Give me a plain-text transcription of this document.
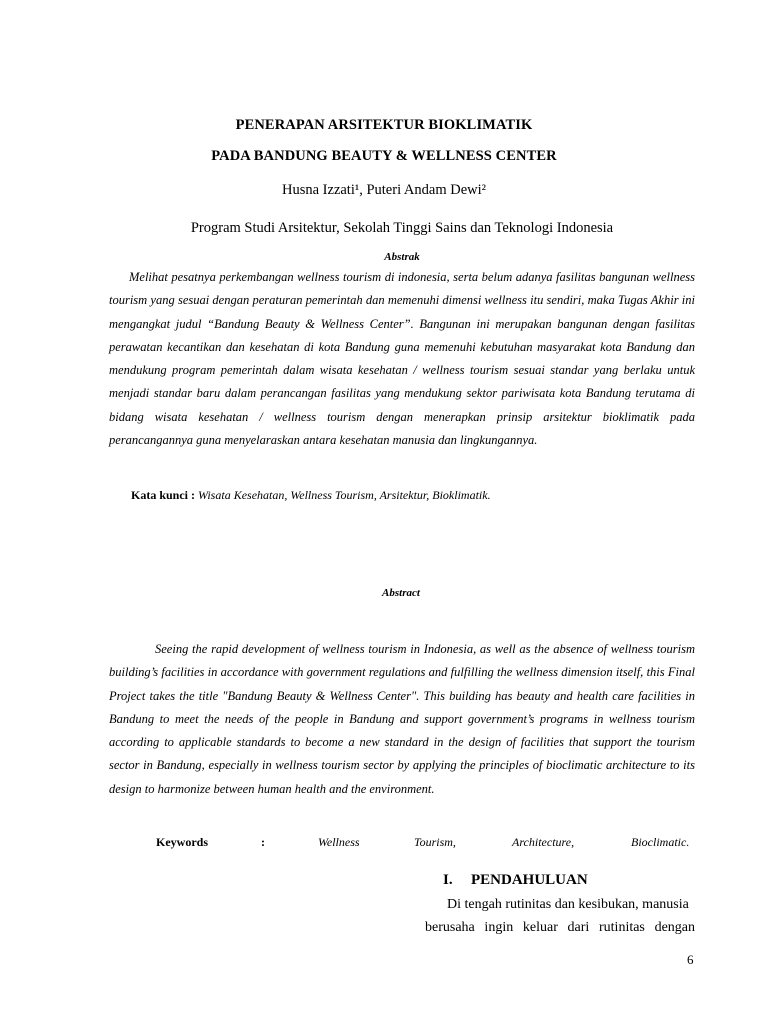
PENERAPAN ARSITEKTUR BIOKLIMATIK
PADA BANDUNG BEAUTY & WELLNESS CENTER
Husna Izzati¹, Puteri Andam Dewi²
Program Studi Arsitektur, Sekolah Tinggi Sains dan Teknologi Indonesia
Abstrak
Melihat pesatnya perkembangan wellness tourism di indonesia, serta belum adanya fasilitas bangunan wellness tourism yang sesuai dengan peraturan pemerintah dan memenuhi dimensi wellness itu sendiri, maka Tugas Akhir ini mengangkat judul “Bandung Beauty & Wellness Center”. Bangunan ini merupakan bangunan dengan fasilitas perawatan kecantikan dan kesehatan di kota Bandung guna memenuhi kebutuhan masyarakat kota Bandung dan mendukung program pemerintah dalam wisata kesehatan / wellness tourism sesuai standar yang berlaku untuk menjadi standar baru dalam perancangan fasilitas yang mendukung sektor pariwisata kota Bandung terutama di bidang wisata kesehatan / wellness tourism dengan menerapkan prinsip arsitektur bioklimatik pada perancangannya guna menyelaraskan antara kesehatan manusia dan lingkungannya.
Kata kunci : Wisata Kesehatan, Wellness Tourism, Arsitektur, Bioklimatik.
Abstract
Seeing the rapid development of wellness tourism in Indonesia, as well as the absence of wellness tourism building’s facilities in accordance with government regulations and fulfilling the wellness dimension itself, this Final Project takes the title "Bandung Beauty & Wellness Center". This building has beauty and health care facilities in Bandung to meet the needs of the people in Bandung and support government’s programs in wellness tourism according to applicable standards to become a new standard in the design of facilities that support the tourism sector in Bandung, especially in wellness tourism sector by applying the principles of bioclimatic architecture to its design to harmonize between human health and the environment.
Keywords	:	Wellness	Tourism,	Architecture,	Bioclimatic.
I. PENDAHULUAN
Di tengah rutinitas dan kesibukan, manusia
berusaha ingin keluar dari rutinitas dengan
6
